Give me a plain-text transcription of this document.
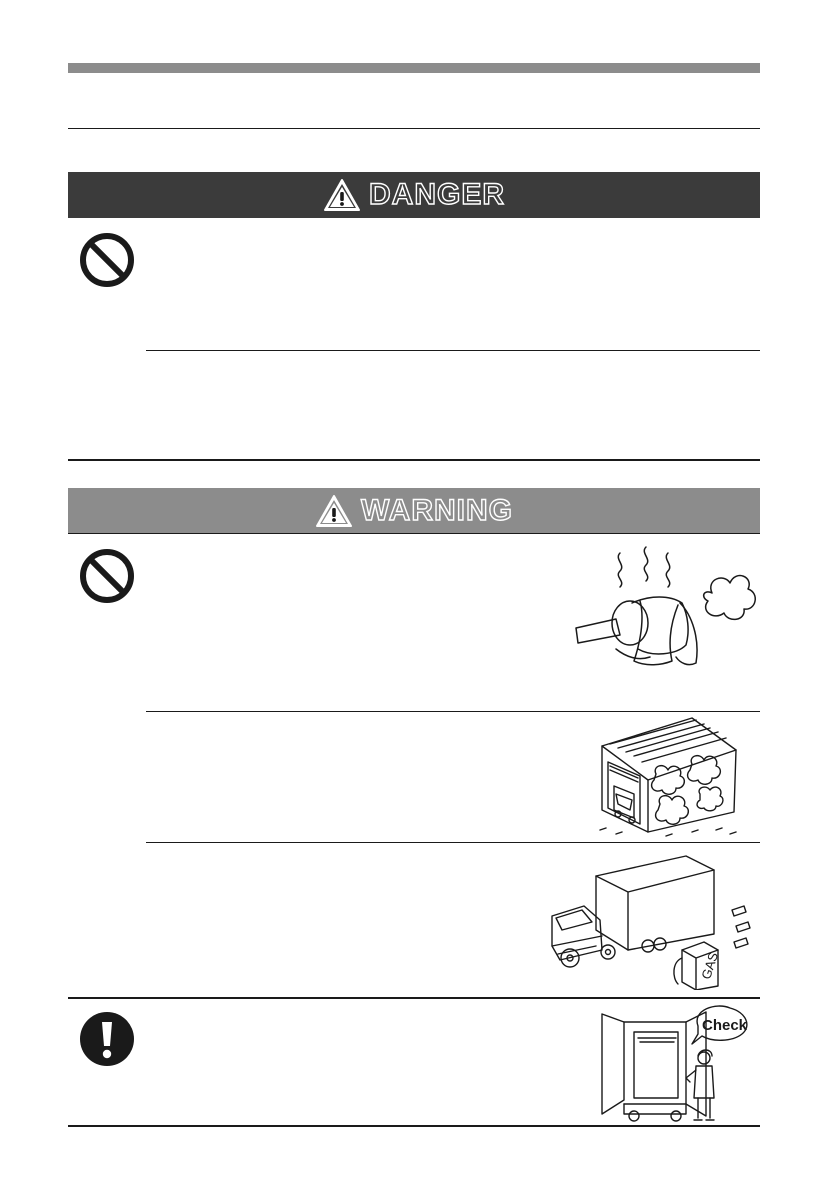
DANGER
WARNING
GAS
Check
